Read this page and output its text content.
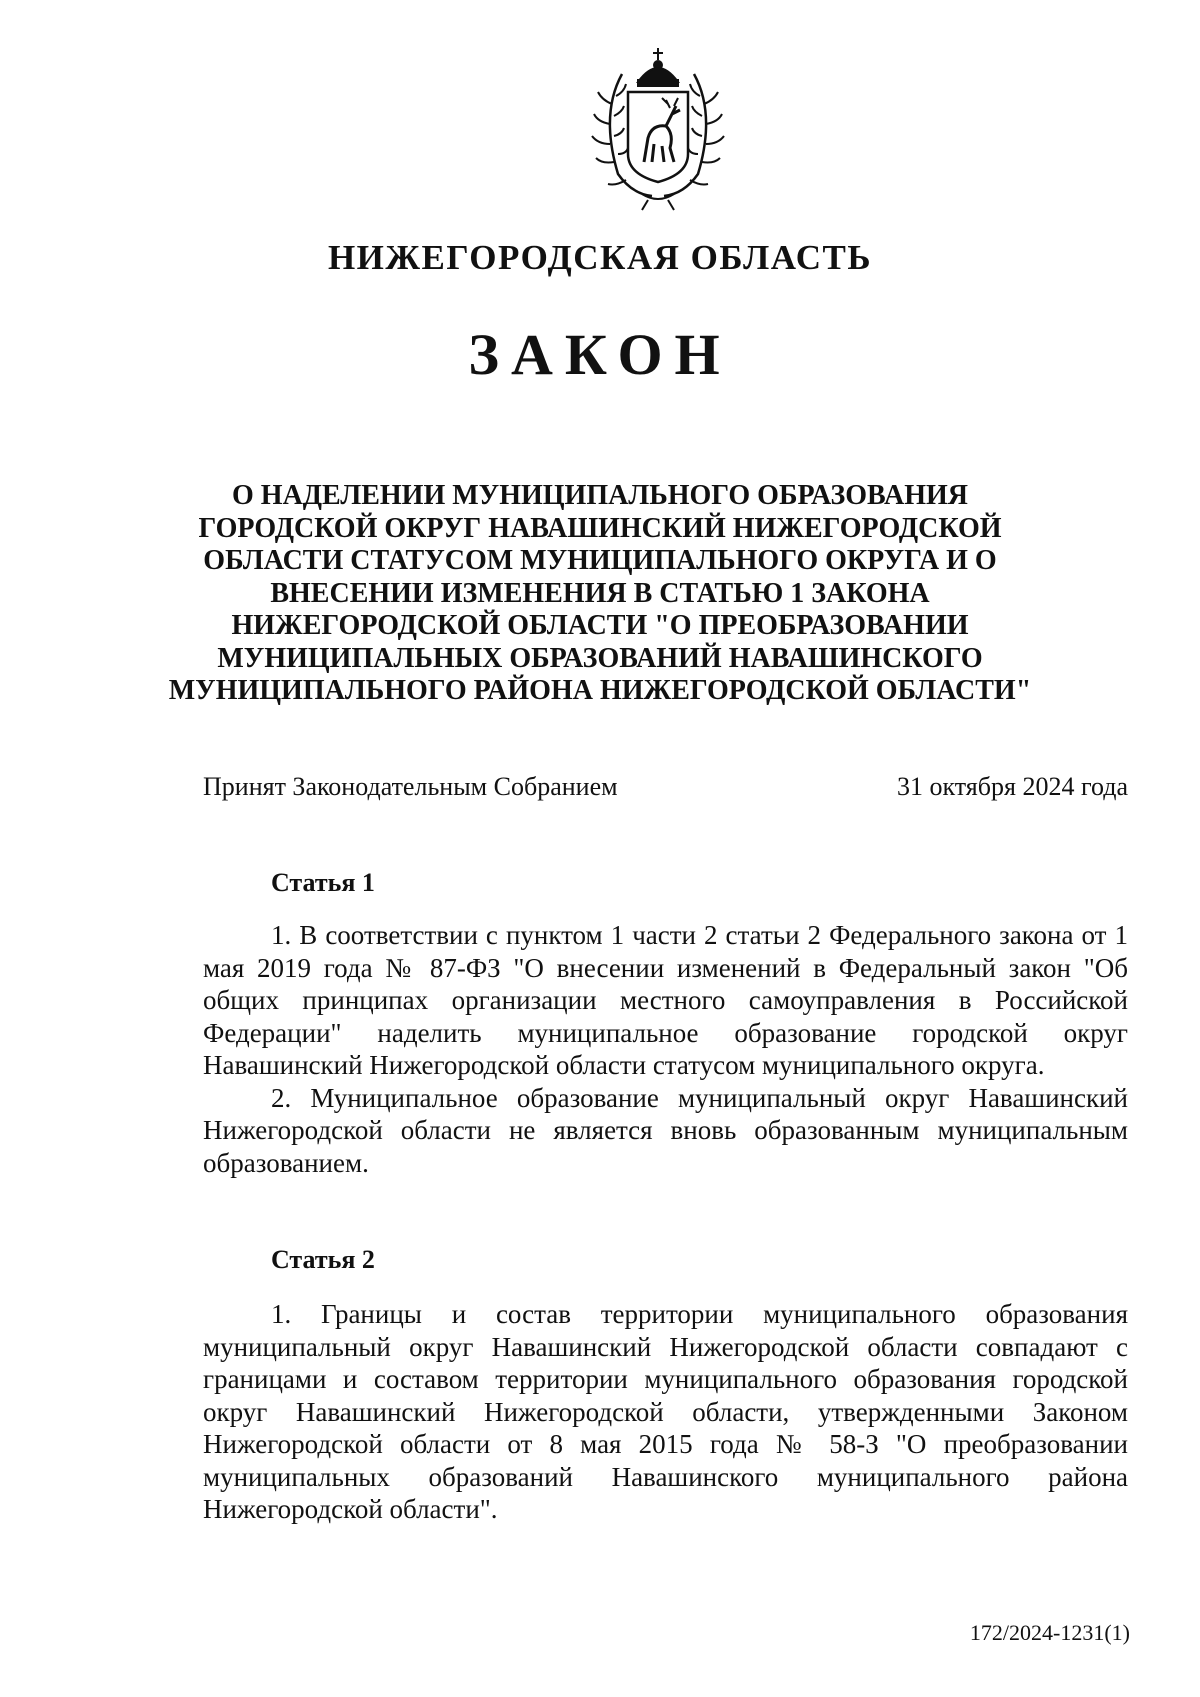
НИЖЕГОРОДСКАЯ ОБЛАСТЬ
ЗАКОН
О НАДЕЛЕНИИ МУНИЦИПАЛЬНОГО ОБРАЗОВАНИЯ
ГОРОДСКОЙ ОКРУГ НАВАШИНСКИЙ НИЖЕГОРОДСКОЙ
ОБЛАСТИ СТАТУСОМ МУНИЦИПАЛЬНОГО ОКРУГА И О
ВНЕСЕНИИ ИЗМЕНЕНИЯ В СТАТЬЮ 1 ЗАКОНА
НИЖЕГОРОДСКОЙ ОБЛАСТИ "О ПРЕОБРАЗОВАНИИ
МУНИЦИПАЛЬНЫХ ОБРАЗОВАНИЙ НАВАШИНСКОГО
МУНИЦИПАЛЬНОГО РАЙОНА НИЖЕГОРОДСКОЙ ОБЛАСТИ"
Принят Законодательным Собранием	31 октября 2024 года
Статья 1

1. В соответствии с пунктом 1 части 2 статьи 2 Федерального закона от 1 мая 2019 года № 87-ФЗ "О внесении изменений в Федеральный закон "Об общих принципах организации местного самоуправления в Российской Федерации" наделить муниципальное образование городской округ Навашинский Нижегородской области статусом муниципального округа.

2. Муниципальное образование муниципальный округ Навашинский Нижегородской области не является вновь образованным муниципальным образованием.

Статья 2

1. Границы и состав территории муниципального образования муниципальный округ Навашинский Нижегородской области совпадают с границами и составом территории муниципального образования городской округ Навашинский Нижегородской области, утвержденными Законом Нижегородской области от 8 мая 2015 года № 58-З "О преобразовании муниципальных образований Навашинского муниципального района Нижегородской области".

172/2024-1231(1)
